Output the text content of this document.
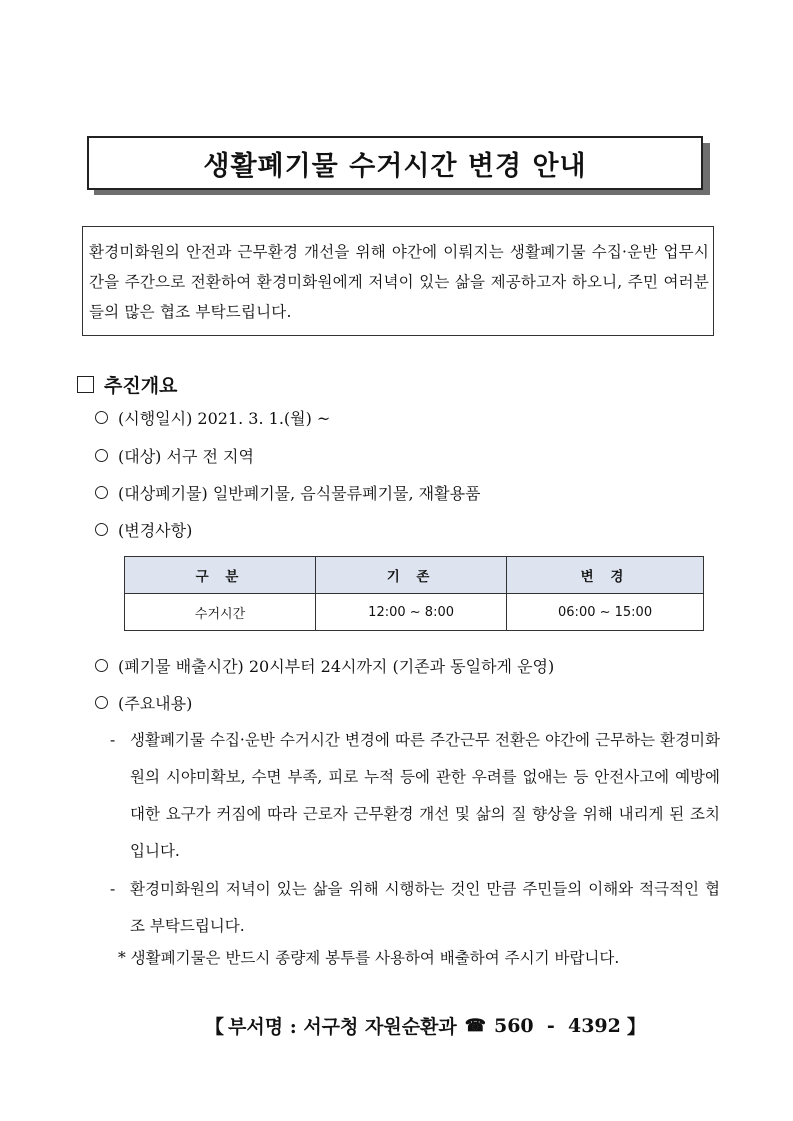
생활폐기물 수거시간 변경 안내
환경미화원의 안전과 근무환경 개선을 위해 야간에 이뤄지는 생활폐기물 수집·운반 업무시간을 주간으로 전환하여 환경미화원에게 저녁이 있는 삶을 제공하고자 하오니, 주민 여러분들의 많은 협조 부탁드립니다.
추진개요
(시행일시) 2021. 3. 1.(월) ~
(대상) 서구 전 지역
(대상폐기물) 일반폐기물, 음식물류폐기물, 재활용품
(변경사항)
구 분	기 존	변 경
수거시간	12:00 ~ 8:00	06:00 ~ 15:00
(폐기물 배출시간) 20시부터 24시까지 (기존과 동일하게 운영)
(주요내용)
- 생활폐기물 수집·운반 수거시간 변경에 따른 주간근무 전환은 야간에 근무하는 환경미화원의 시야미확보, 수면 부족, 피로 누적 등에 관한 우려를 없애는 등 안전사고에 예방에 대한 요구가 커짐에 따라 근로자 근무환경 개선 및 삶의 질 향상을 위해 내리게 된 조치입니다.
- 환경미화원의 저녁이 있는 삶을 위해 시행하는 것인 만큼 주민들의 이해와 적극적인 협조 부탁드립니다.
* 생활폐기물은 반드시 종량제 봉투를 사용하여 배출하여 주시기 바랍니다.
【 부서명 : 서구청 자원순환과 ☎ 560  -  4392 】
